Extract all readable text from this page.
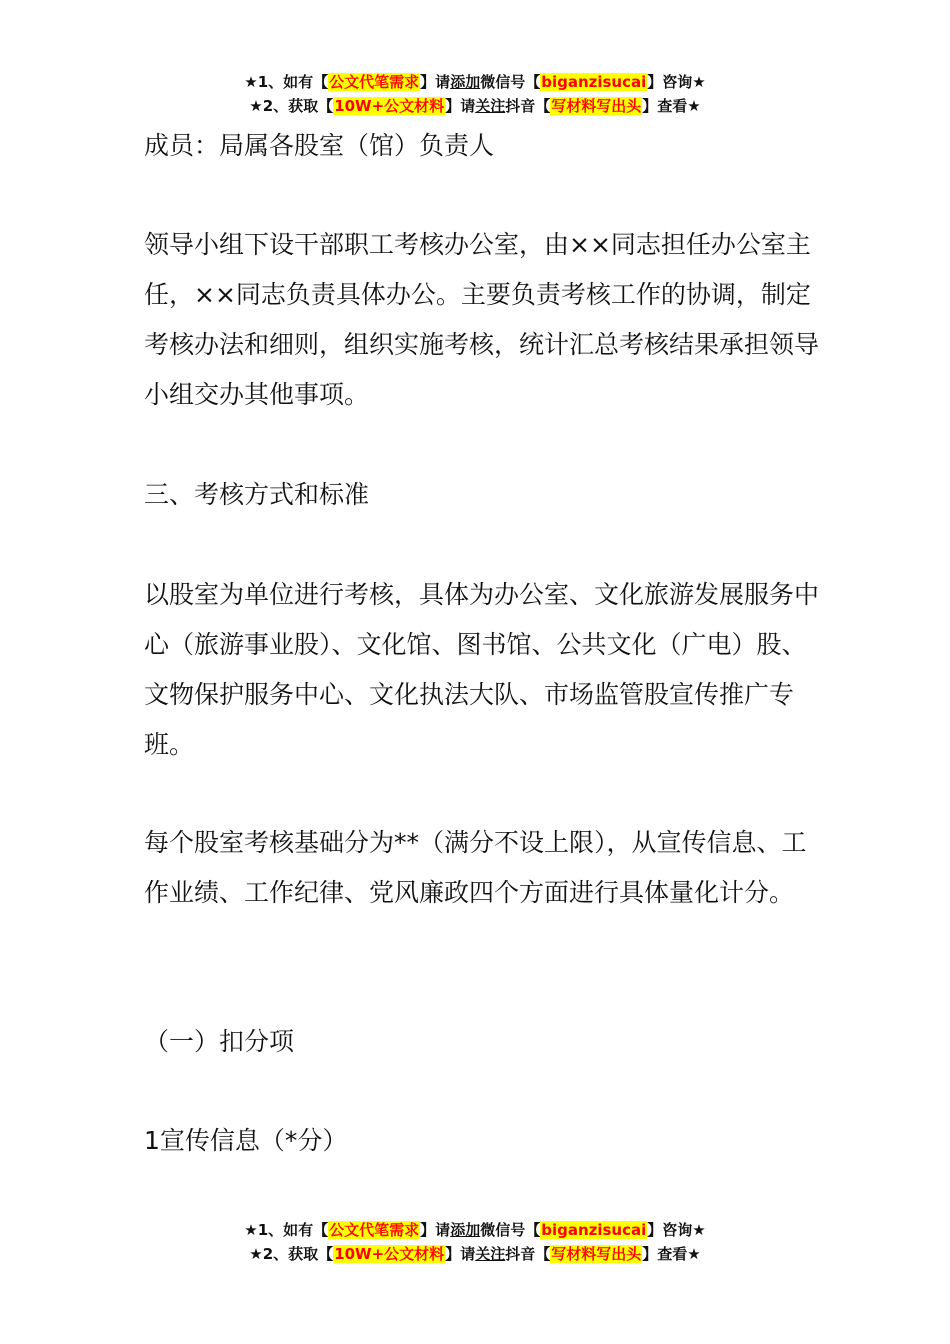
★1、如有【公文代笔需求】请添加微信号【biganzisucai】咨询★
★2、获取【10W+公文材料】请关注抖音【写材料写出头】查看★

成员：局属各股室（馆）负责人

领导小组下设干部职工考核办公室，由××同志担任办公室主任，××同志负责具体办公。主要负责考核工作的协调，制定考核办法和细则，组织实施考核，统计汇总考核结果承担领导小组交办其他事项。

三、考核方式和标准

以股室为单位进行考核，具体为办公室、文化旅游发展服务中心（旅游事业股）、文化馆、图书馆、公共文化（广电）股、文物保护服务中心、文化执法大队、市场监管股宣传推广专班。

每个股室考核基础分为**（满分不设上限），从宣传信息、工作业绩、工作纪律、党风廉政四个方面进行具体量化计分。

（一）扣分项

1宣传信息（*分）

★1、如有【公文代笔需求】请添加微信号【biganzisucai】咨询★
★2、获取【10W+公文材料】请关注抖音【写材料写出头】查看★
